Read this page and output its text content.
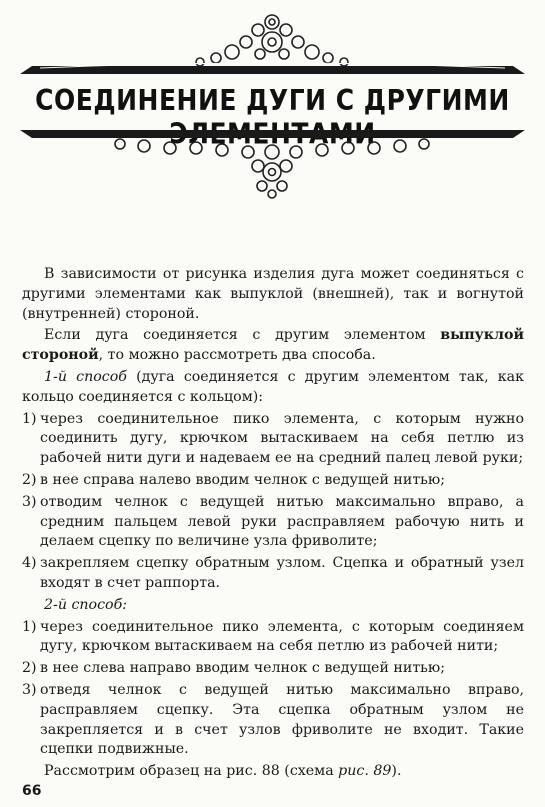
СОЕДИНЕНИЕ ДУГИ С ДРУГИМИ

В зависимости от рисунка изделия дуга может соединяться с другими элементами как выпуклой (внешней), так и вогнутой (внутренней) стороной.

Если дуга соединяется с другим элементом выпуклой стороной, то можно рассмотреть два способа.

1-й способ (дуга соединяется с другим элементом так, как кольцо соединяется с кольцом):

1) через соединительное пико элемента, с которым нужно соединить дугу, крючком вытаскиваем на себя петлю из рабочей нити дуги и надеваем ее на средний палец левой руки;
2) в нее справа налево вводим челнок с ведущей нитью;
3) отводим челнок с ведущей нитью максимально вправо, а средним пальцем левой руки расправляем рабочую нить и делаем сцепку по величине узла фриволите;
4) закрепляем сцепку обратным узлом. Сцепка и обратный узел входят в счет раппорта.

2-й способ:

1) через соединительное пико элемента, с которым соединяем дугу, крючком вытаскиваем на себя петлю из рабочей нити;
2) в нее слева направо вводим челнок с ведущей нитью;
3) отведя челнок с ведущей нитью максимально вправо, расправляем сцепку. Эта сцепка обратным узлом не закрепляется и в счет узлов фриволите не входит. Такие сцепки подвижные.

Рассмотрим образец на рис. 88 (схема рис. 89).

66
